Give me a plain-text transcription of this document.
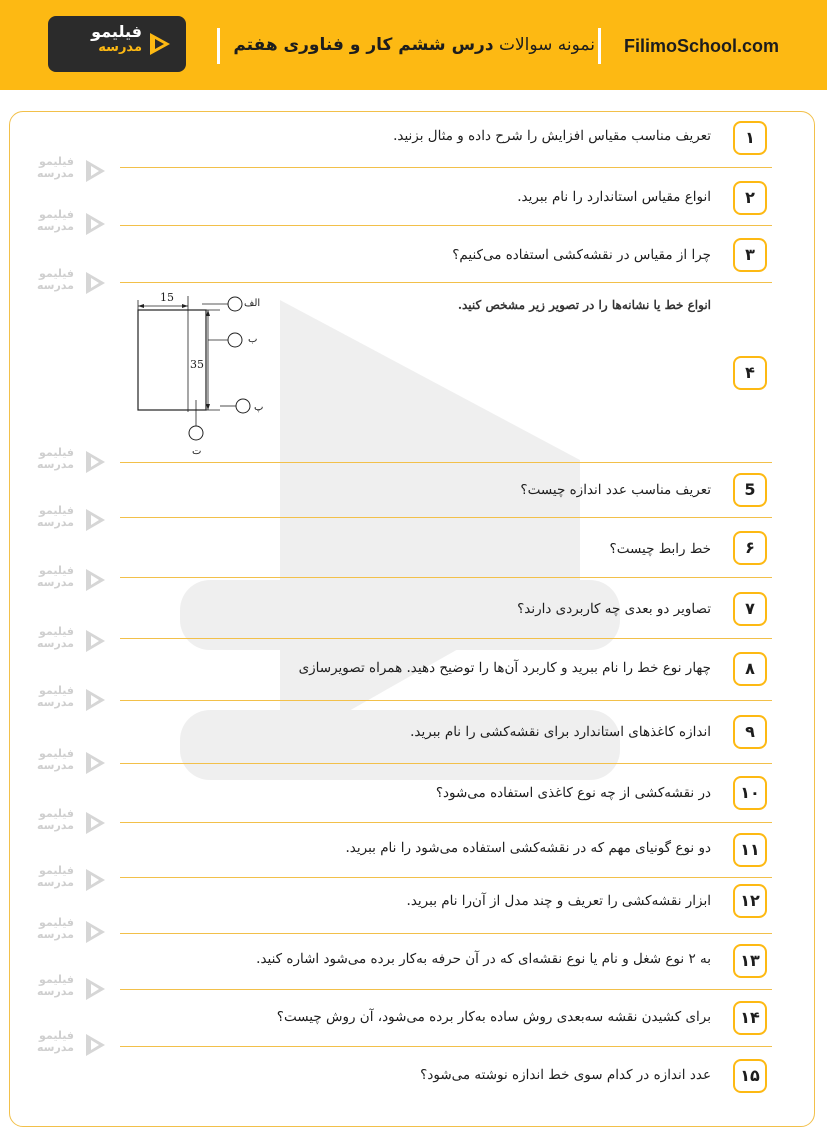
FilimoSchool.com
نمونه سوالات درس ششم کار و فناوری هفتم
فیلیمو
مدرسه
فیلیمو
مدرسه
فیلیمو
مدرسه
فیلیمو
مدرسه
فیلیمو
مدرسه
فیلیمو
مدرسه
فیلیمو
مدرسه
فیلیمو
مدرسه
فیلیمو
مدرسه
فیلیمو
مدرسه
فیلیمو
مدرسه
فیلیمو
مدرسه
فیلیمو
مدرسه
فیلیمو
مدرسه
فیلیمو
مدرسه
۱
تعریف مناسب مقیاس افزایش را شرح داده و مثال بزنید.
۲
انواع مقیاس استاندارد را نام ببرید.
۳
چرا از مقیاس در نقشه‌کشی استفاده می‌کنیم؟
۴
5
تعریف مناسب عدد اندازه چیست؟
۶
خط رابط چیست؟
۷
تصاویر دو بعدی چه کاربردی دارند؟
۸
چهار نوع خط را نام ببرید و کاربرد آن‌ها را توضیح دهید. همراه تصویرسازی
۹
اندازه کاغذهای استاندارد برای نقشه‌کشی را نام ببرید.
۱۰
در نقشه‌کشی از چه نوع کاغذی استفاده می‌شود؟
۱۱
دو نوع گونیای مهم که در نقشه‌کشی استفاده می‌شود را نام ببرید.
۱۲
ابزار نقشه‌کشی را تعریف و چند مدل از آن‌را نام ببرید.
۱۳
به ۲ نوع شغل و نام یا نوع نقشه‌ای که در آن حرفه به‌کار برده می‌شود اشاره کنید.
۱۴
برای کشیدن نقشه سه‌بعدی روش ساده به‌کار برده می‌شود، آن روش چیست؟
۱۵
عدد اندازه در کدام سوی خط اندازه نوشته می‌شود؟
انواع خط یا نشانه‌ها را در تصویر زیر مشخص کنید.
15
35
الف
ب
پ
ت
